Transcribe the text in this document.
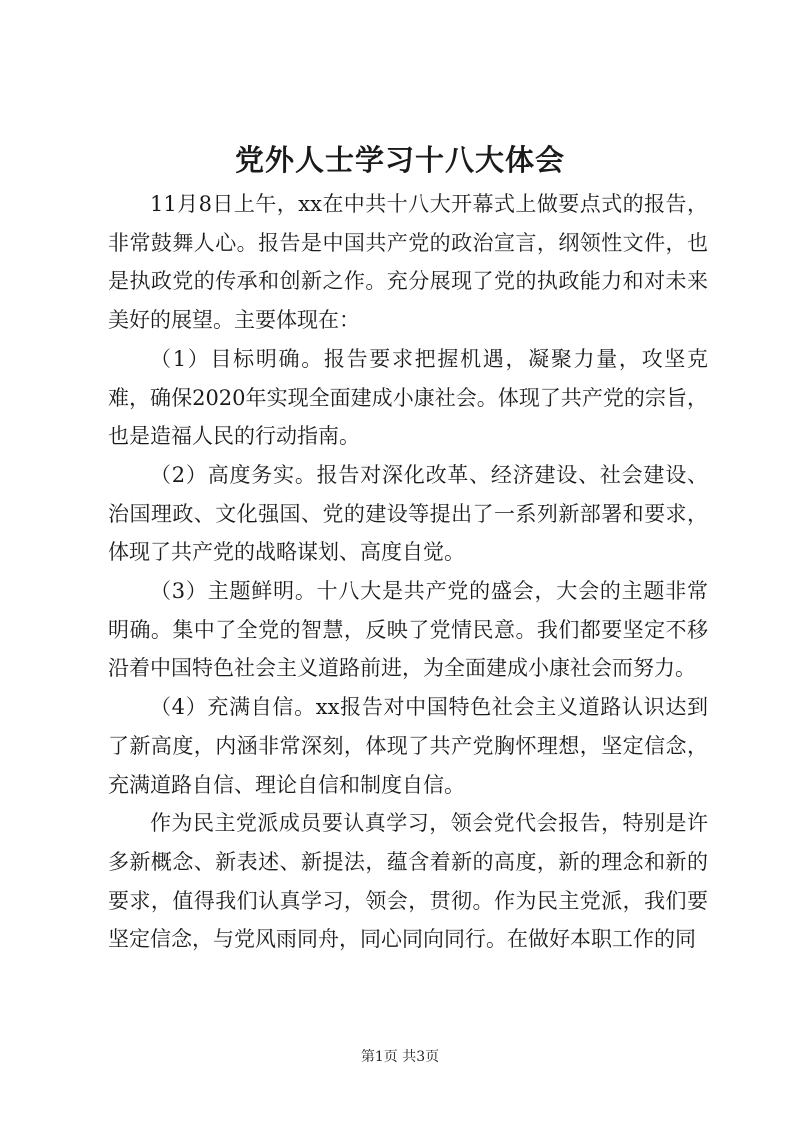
党外人士学习十八大体会

11月8日上午，xx在中共十八大开幕式上做要点式的报告，非常鼓舞人心。报告是中国共产党的政治宣言，纲领性文件，也是执政党的传承和创新之作。充分展现了党的执政能力和对未来美好的展望。主要体现在：

（1）目标明确。报告要求把握机遇，凝聚力量，攻坚克难，确保2020年实现全面建成小康社会。体现了共产党的宗旨，也是造福人民的行动指南。

（2）高度务实。报告对深化改革、经济建设、社会建设、治国理政、文化强国、党的建设等提出了一系列新部署和要求，体现了共产党的战略谋划、高度自觉。

（3）主题鲜明。十八大是共产党的盛会，大会的主题非常明确。集中了全党的智慧，反映了党情民意。我们都要坚定不移沿着中国特色社会主义道路前进，为全面建成小康社会而努力。

（4）充满自信。xx报告对中国特色社会主义道路认识达到了新高度，内涵非常深刻，体现了共产党胸怀理想，坚定信念，充满道路自信、理论自信和制度自信。

作为民主党派成员要认真学习，领会党代会报告，特别是许多新概念、新表述、新提法，蕴含着新的高度，新的理念和新的要求，值得我们认真学习，领会，贯彻。作为民主党派，我们要坚定信念，与党风雨同舟，同心同向同行。在做好本职工作的同

第1页 共3页
